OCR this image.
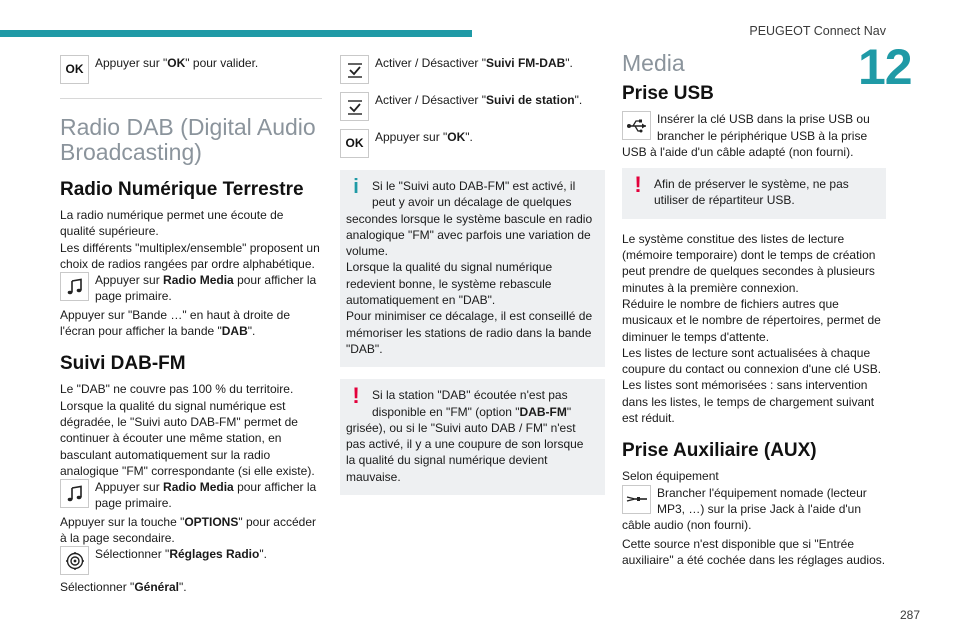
PEUGEOT Connect Nav
12
OK Appuyer sur "OK" pour valider.

Radio DAB (Digital Audio Broadcasting)
Radio Numérique Terrestre

La radio numérique permet une écoute de qualité supérieure.

Les différents "multiplex/ensemble" proposent un choix de radios rangées par ordre alphabétique.

Appuyer sur Radio Media pour afficher la page primaire.

Appuyer sur "Bande …" en haut à droite de l'écran pour afficher la bande "DAB".

Suivi DAB-FM

Le "DAB" ne couvre pas 100 % du territoire.

Lorsque la qualité du signal numérique est dégradée, le "Suivi auto DAB-FM" permet de continuer à écouter une même station, en basculant automatiquement sur la radio analogique "FM" correspondante (si elle existe).

Appuyer sur Radio Media pour afficher la page primaire.

Appuyer sur la touche "OPTIONS" pour accéder à la page secondaire.

Sélectionner "Réglages Radio".

Sélectionner "Général".

Activer / Désactiver "Suivi FM-DAB".

Activer / Désactiver "Suivi de station".

OK Appuyer sur "OK".

i	Si le "Suivi auto DAB-FM" est activé, il peut y avoir un décalage de quelques secondes lorsque le système bascule en radio analogique "FM" avec parfois une variation de volume.

Lorsque la qualité du signal numérique redevient bonne, le système rebascule automatiquement en "DAB".

Pour minimiser ce décalage, il est conseillé de mémoriser les stations de radio dans la bande "DAB".

!	Si la station "DAB" écoutée n'est pas disponible en "FM" (option "DAB-FM" grisée), ou si le "Suivi auto DAB / FM" n'est pas activé, il y a une coupure de son lorsque la qualité du signal numérique devient mauvaise.

Media
Prise USB

Insérer la clé USB dans la prise USB ou brancher le périphérique USB à la prise USB à l'aide d'un câble adapté (non fourni).

!	Afin de préserver le système, ne pas utiliser de répartiteur USB.

Le système constitue des listes de lecture (mémoire temporaire) dont le temps de création peut prendre de quelques secondes à plusieurs minutes à la première connexion.

Réduire le nombre de fichiers autres que musicaux et le nombre de répertoires, permet de diminuer le temps d'attente.

Les listes de lecture sont actualisées à chaque coupure du contact ou connexion d'une clé USB. Les listes sont mémorisées : sans intervention dans les listes, le temps de chargement suivant est réduit.

Prise Auxiliaire (AUX)

Selon équipement

Brancher l'équipement nomade (lecteur MP3, …) sur la prise Jack à l'aide d'un câble audio (non fourni).

Cette source n'est disponible que si "Entrée auxiliaire" a été cochée dans les réglages audios.

287
